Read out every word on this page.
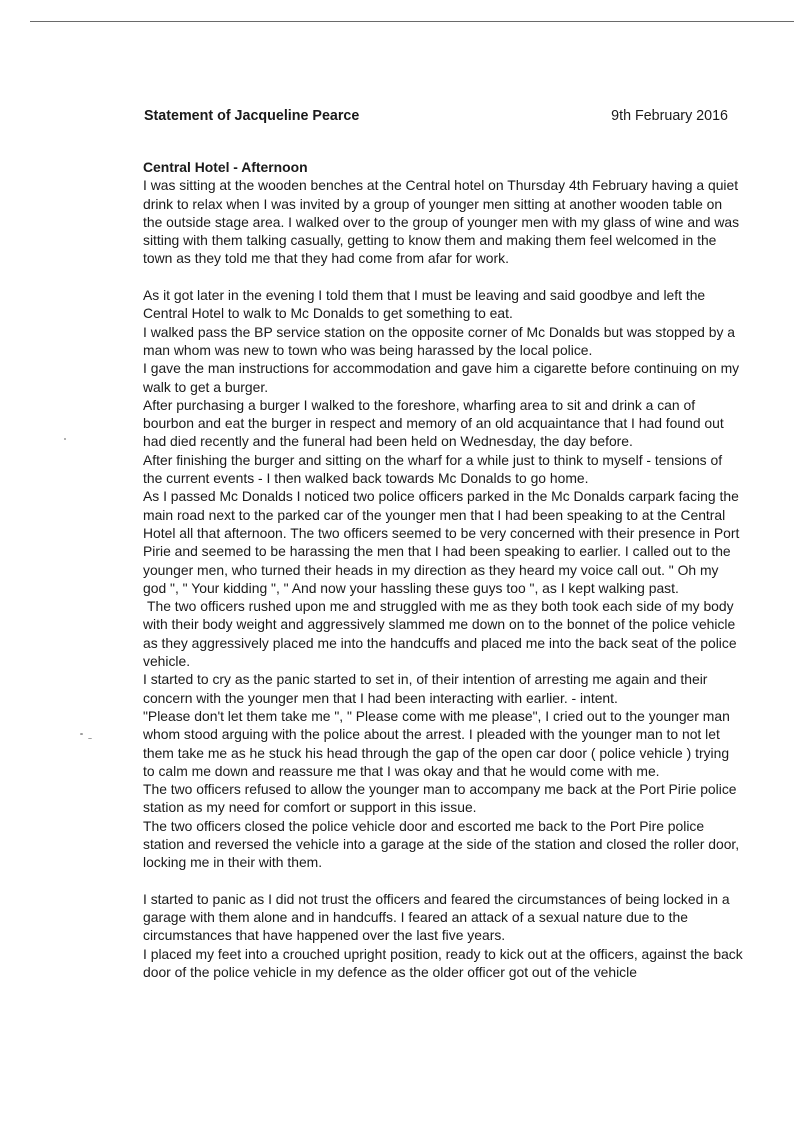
Statement of Jacqueline Pearce	9th February 2016
Central Hotel - Afternoon

I was sitting at the wooden benches at the Central hotel on Thursday 4th February having a quiet drink to relax when I was invited by a group of younger men sitting at another wooden table on the outside stage area. I walked over to the group of younger men with my glass of wine and was sitting with them talking casually, getting to know them and making them feel welcomed in the town as they told me that they had come from afar for work.

As it got later in the evening I told them that I must be leaving and said goodbye and left the Central Hotel to walk to Mc Donalds to get something to eat.

I walked pass the BP service station on the opposite corner of Mc Donalds but was stopped by a man whom was new to town who was being harassed by the local police.

I gave the man instructions for accommodation and gave him a cigarette before continuing on my walk to get a burger.

After purchasing a burger I walked to the foreshore, wharfing area to sit and drink a can of bourbon and eat the burger in respect and memory of an old acquaintance that I had found out had died recently and the funeral had been held on Wednesday, the day before.

After finishing the burger and sitting on the wharf for a while just to think to myself - tensions of the current events - I then walked back towards Mc Donalds to go home.

As I passed Mc Donalds I noticed two police officers parked in the Mc Donalds carpark facing the main road next to the parked car of the younger men that I had been speaking to at the Central Hotel all that afternoon. The two officers seemed to be very concerned with their presence in Port Pirie and seemed to be harassing the men that I had been speaking to earlier. I called out to the younger men, who turned their heads in my direction as they heard my voice call out. " Oh my god ", " Your kidding ", " And now your hassling these guys too ", as I kept walking past.

The two officers rushed upon me and struggled with me as they both took each side of my body with their body weight and aggressively slammed me down on to the bonnet of the police vehicle as they aggressively placed me into the handcuffs and placed me into the back seat of the police vehicle.

I started to cry as the panic started to set in, of their intention of arresting me again and their concern with the younger men that I had been interacting with earlier. - intent.

"Please don't let them take me ", " Please come with me please", I cried out to the younger man whom stood arguing with the police about the arrest. I pleaded with the younger man to not let them take me as he stuck his head through the gap of the open car door ( police vehicle ) trying to calm me down and reassure me that I was okay and that he would come with me.

The two officers refused to allow the younger man to accompany me back at the Port Pirie police station as my need for comfort or support in this issue.

The two officers closed the police vehicle door and escorted me back to the Port Pire police station and reversed the vehicle into a garage at the side of the station and closed the roller door, locking me in their with them.

I started to panic as I did not trust the officers and feared the circumstances of being locked in a garage with them alone and in handcuffs. I feared an attack of a sexual nature due to the circumstances that have happened over the last five years.

I placed my feet into a crouched upright position, ready to kick out at the officers, against the back door of the police vehicle in my defence as the older officer got out of the vehicle
